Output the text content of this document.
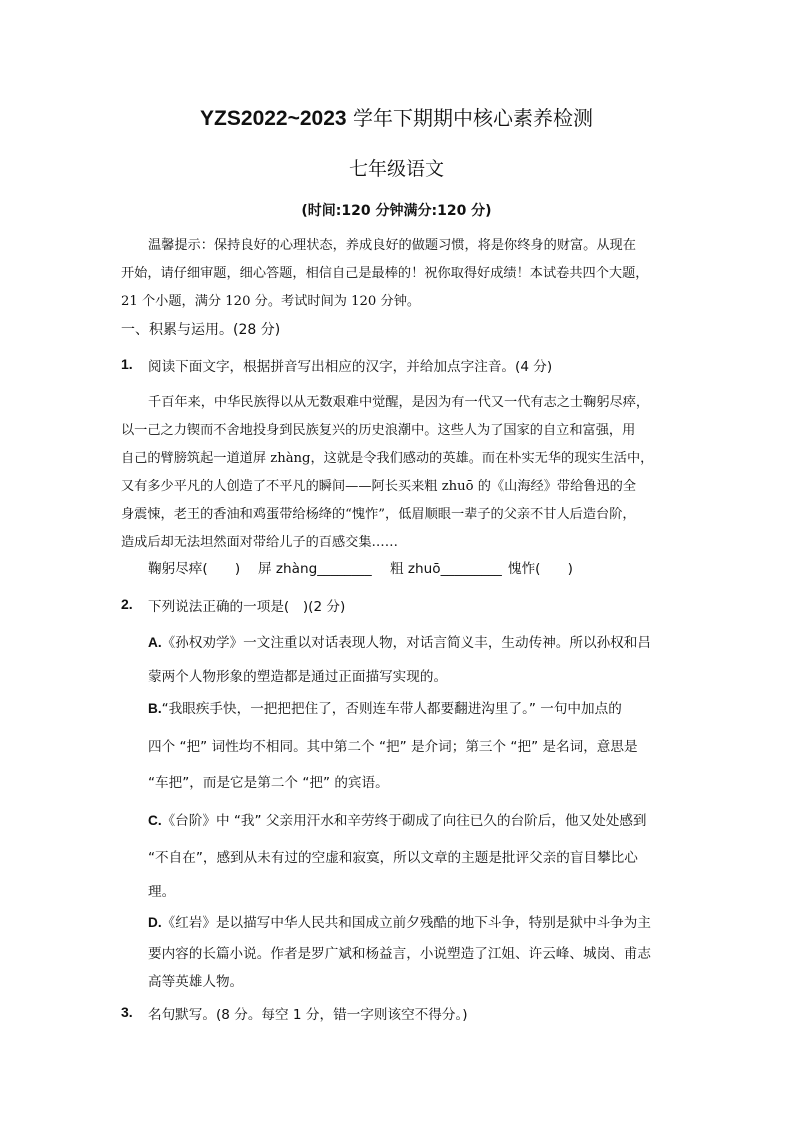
YZS2022~2023 学年下期期中核心素养检测
七年级语文
(时间:120 分钟满分:120 分)
温馨提示：保持良好的心理状态，养成良好的做题习惯，将是你终身的财富。从现在
开始，请仔细审题，细心答题，相信自己是最棒的！祝你取得好成绩！本试卷共四个大题，
21 个小题，满分 120 分。考试时间为 120 分钟。
一、积累与运用。(28 分)
1. 阅读下面文字，根据拼音写出相应的汉字，并给加点字注音。(4 分)
千百年来，中华民族得以从无数艰难中觉醒，是因为有一代又一代有志之士鞠躬尽瘁，
以一己之力锲而不舍地投身到民族复兴的历史浪潮中。这些人为了国家的自立和富强，用
自己的臂膀筑起一道道屏 zhàng，这就是令我们感动的英雄。而在朴实无华的现实生活中，
又有多少平凡的人创造了不平凡的瞬间——阿长买来粗 zhuō 的《山海经》带给鲁迅的全
身震悚，老王的香油和鸡蛋带给杨绛的“愧怍”，低眉顺眼一辈子的父亲不甘人后造台阶，
造成后却无法坦然面对带给儿子的百感交集……
鞠躬尽瘁(　　) 屏 zhàng________ 粗 zhuō_________ 愧怍(　　)
2. 下列说法正确的一项是(　)(2 分)
A.《孙权劝学》一文注重以对话表现人物，对话言简义丰，生动传神。所以孙权和吕
蒙两个人物形象的塑造都是通过正面描写实现的。
B.“我眼疾手快，一把把把住了，否则连车带人都要翻进沟里了。” 一句中加点的
四个 “把” 词性均不相同。其中第二个 “把” 是介词；第三个 “把” 是名词，意思是
“车把”，而是它是第二个 “把” 的宾语。
C.《台阶》中 “我” 父亲用汗水和辛劳终于砌成了向往已久的台阶后，他又处处感到
“不自在”，感到从未有过的空虚和寂寞，所以文章的主题是批评父亲的盲目攀比心
理。
D.《红岩》是以描写中华人民共和国成立前夕残酷的地下斗争，特别是狱中斗争为主
要内容的长篇小说。作者是罗广斌和杨益言，小说塑造了江姐、许云峰、城岗、甫志
高等英雄人物。
3. 名句默写。(8 分。每空 1 分，错一字则该空不得分。)
